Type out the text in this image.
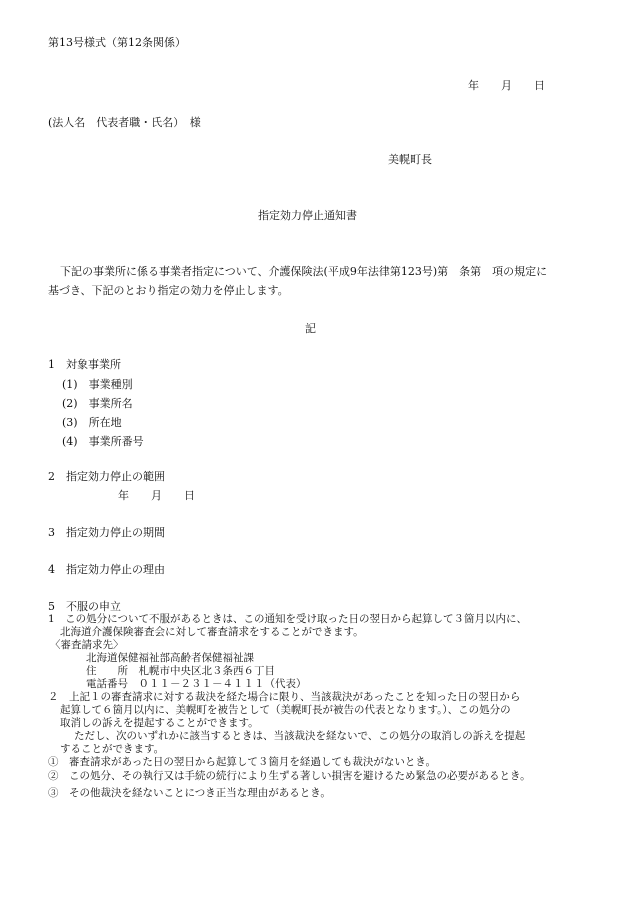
第13号様式（第12条関係）
年　　月　　日
(法人名　代表者職・氏名）　様
美幌町長
指定効力停止通知書
下記の事業所に係る事業者指定について、介護保険法(平成9年法律第123号)第　条第　項の規定に
基づき、下記のとおり指定の効力を停止します。
記
1　対象事業所
(1)　事業種別
(2)　事業所名
(3)　所在地
(4)　事業所番号
2　指定効力停止の範囲
年　　月　　日
3　指定効力停止の期間
4　指定効力停止の理由
5　不服の申立
1　この処分について不服があるときは、この通知を受け取った日の翌日から起算して３箇月以内に、
北海道介護保険審査会に対して審査請求をすることができます。
〈審査請求先〉
北海道保健福祉部高齢者保健福祉課
住　　所　札幌市中央区北３条西６丁目
電話番号　０１１－２３１－４１１１（代表）
２　上記１の審査請求に対する裁決を経た場合に限り、当該裁決があったことを知った日の翌日から
起算して６箇月以内に、美幌町を被告として（美幌町長が被告の代表となります。）、この処分の
取消しの訴えを提起することができます。
ただし、次のいずれかに該当するときは、当該裁決を経ないで、この処分の取消しの訴えを提起
することができます。
①　審査請求があった日の翌日から起算して３箇月を経過しても裁決がないとき。
②　この処分、その執行又は手続の続行により生ずる著しい損害を避けるため緊急の必要があるとき。
③　その他裁決を経ないことにつき正当な理由があるとき。
